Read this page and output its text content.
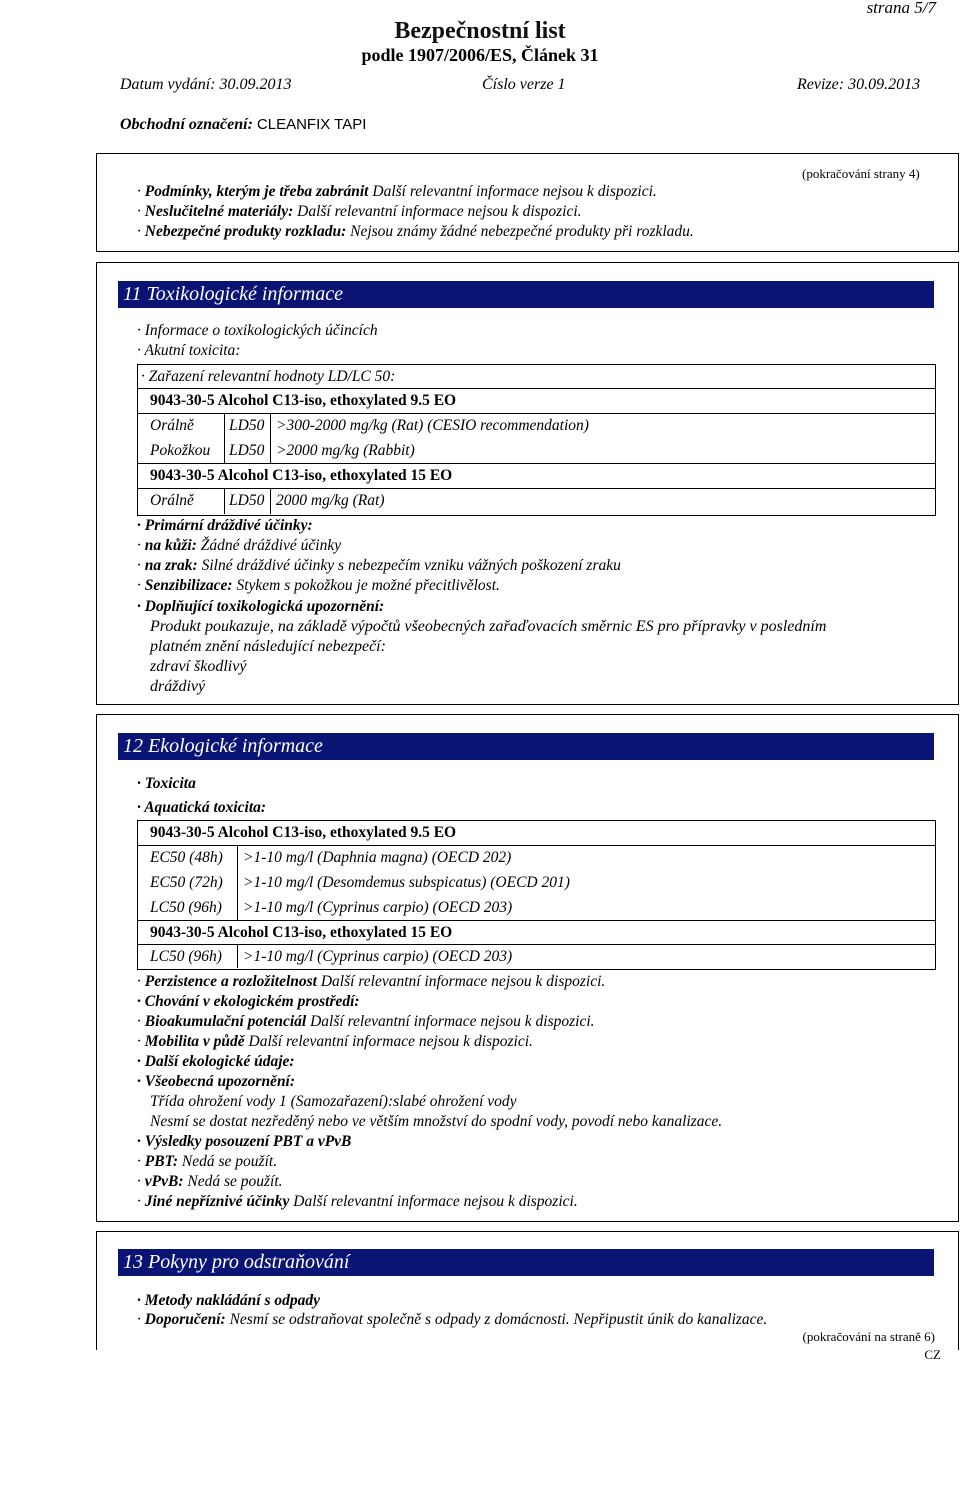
strana 5/7
Bezpečnostní list
podle 1907/2006/ES, Článek 31
Datum vydání: 30.09.2013	Číslo verze 1	Revize: 30.09.2013
Obchodní označení: CLEANFIX TAPI
(pokračování strany 4)
· Podmínky, kterým je třeba zabránit Další relevantní informace nejsou k dispozici.
· Neslučitelné materiály: Další relevantní informace nejsou k dispozici.
· Nebezpečné produkty rozkladu: Nejsou známy žádné nebezpečné produkty při rozkladu.
11 Toxikologické informace
· Informace o toxikologických účincích
· Akutní toxicita:
· Zařazení relevantní hodnoty LD/LC 50:
9043-30-5 Alcohol C13-iso, ethoxylated 9.5 EO
Orálně LD50 >300-2000 mg/kg (Rat) (CESIO recommendation)
Pokožkou LD50 >2000 mg/kg (Rabbit)
9043-30-5 Alcohol C13-iso, ethoxylated 15 EO
Orálně LD50 2000 mg/kg (Rat)
· Primární dráždivé účinky:
· na kůži: Žádné dráždivé účinky
· na zrak: Silné dráždivé účinky s nebezpečím vzniku vážných poškození zraku
· Senzibilizace: Stykem s pokožkou je možné přecitlivělost.
· Doplňující toxikologická upozornění:
Produkt poukazuje, na základě výpočtů všeobecných zařaďovacích směrnic ES pro přípravky v posledním
platném znění následující nebezpečí:
zdraví škodlivý
dráždivý
12 Ekologické informace
· Toxicita
· Aquatická toxicita:
9043-30-5 Alcohol C13-iso, ethoxylated 9.5 EO
EC50 (48h) >1-10 mg/l (Daphnia magna) (OECD 202)
EC50 (72h) >1-10 mg/l (Desomdemus subspicatus) (OECD 201)
LC50 (96h) >1-10 mg/l (Cyprinus carpio) (OECD 203)
9043-30-5 Alcohol C13-iso, ethoxylated 15 EO
LC50 (96h) >1-10 mg/l (Cyprinus carpio) (OECD 203)
· Perzistence a rozložitelnost Další relevantní informace nejsou k dispozici.
· Chování v ekologickém prostředí:
· Bioakumulační potenciál Další relevantní informace nejsou k dispozici.
· Mobilita v půdě Další relevantní informace nejsou k dispozici.
· Další ekologické údaje:
· Všeobecná upozornění:
Třída ohrožení vody 1 (Samozařazení):slabé ohrožení vody
Nesmí se dostat nezředěný nebo ve větším množství do spodní vody, povodí nebo kanalizace.
· Výsledky posouzení PBT a vPvB
· PBT: Nedá se použít.
· vPvB: Nedá se použít.
· Jiné nepříznivé účinky Další relevantní informace nejsou k dispozici.
13 Pokyny pro odstraňování
· Metody nakládání s odpady
· Doporučení: Nesmí se odstraňovat společně s odpady z domácnosti. Nepřipustit únik do kanalizace.
(pokračování na straně 6)
CZ
